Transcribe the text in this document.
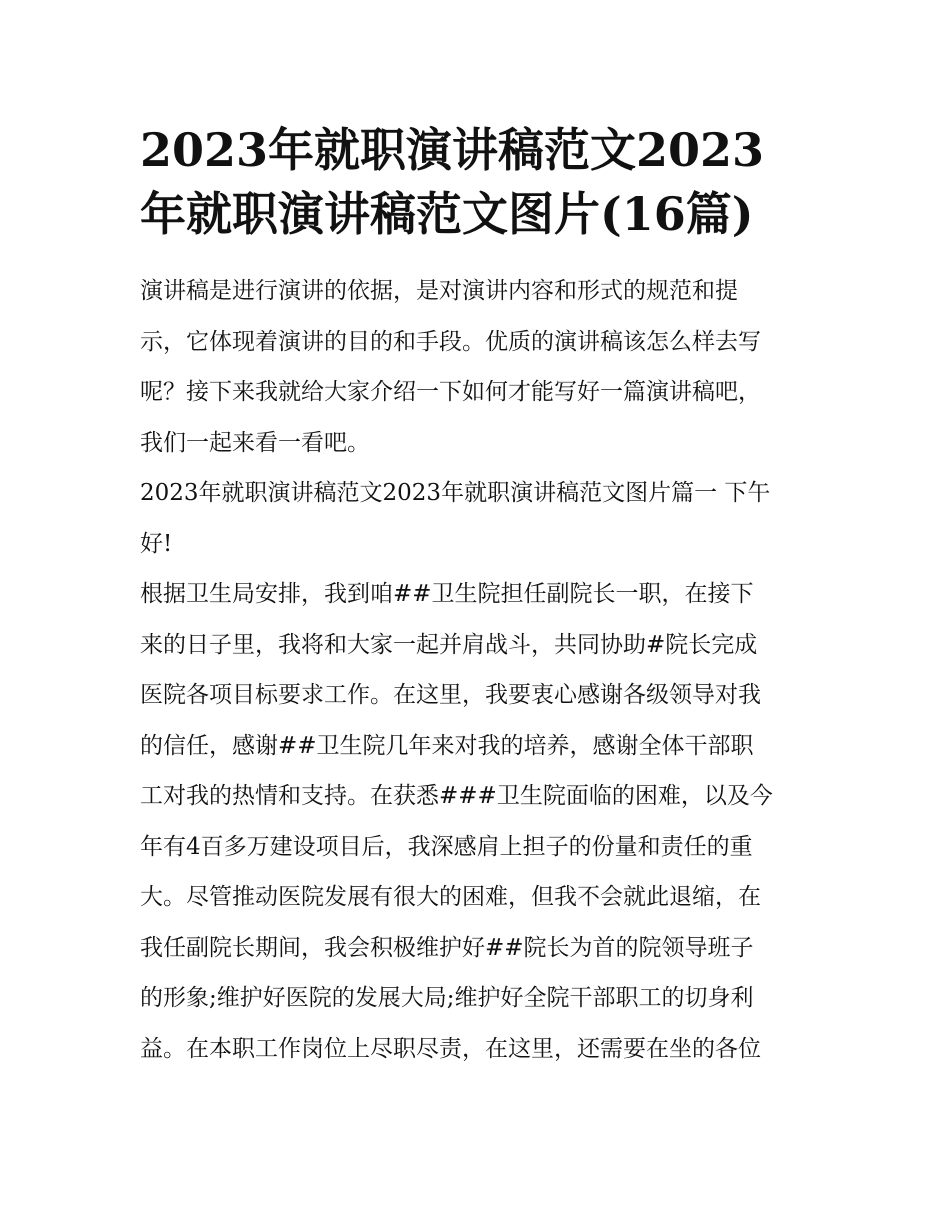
2023年就职演讲稿范文2023
年就职演讲稿范文图片(16篇)

演讲稿是进行演讲的依据，是对演讲内容和形式的规范和提
示，它体现着演讲的目的和手段。优质的演讲稿该怎么样去写
呢？接下来我就给大家介绍一下如何才能写好一篇演讲稿吧，
我们一起来看一看吧。

2023年就职演讲稿范文2023年就职演讲稿范文图片篇一 下午
好!

根据卫生局安排，我到咱##卫生院担任副院长一职，在接下
来的日子里，我将和大家一起并肩战斗，共同协助#院长完成
医院各项目标要求工作。在这里，我要衷心感谢各级领导对我
的信任，感谢##卫生院几年来对我的培养，感谢全体干部职
工对我的热情和支持。在获悉###卫生院面临的困难，以及今
年有4百多万建设项目后，我深感肩上担子的份量和责任的重
大。尽管推动医院发展有很大的困难，但我不会就此退缩，在
我任副院长期间，我会积极维护好##院长为首的院领导班子
的形象;维护好医院的发展大局;维护好全院干部职工的切身利
益。在本职工作岗位上尽职尽责，在这里，还需要在坐的各位
